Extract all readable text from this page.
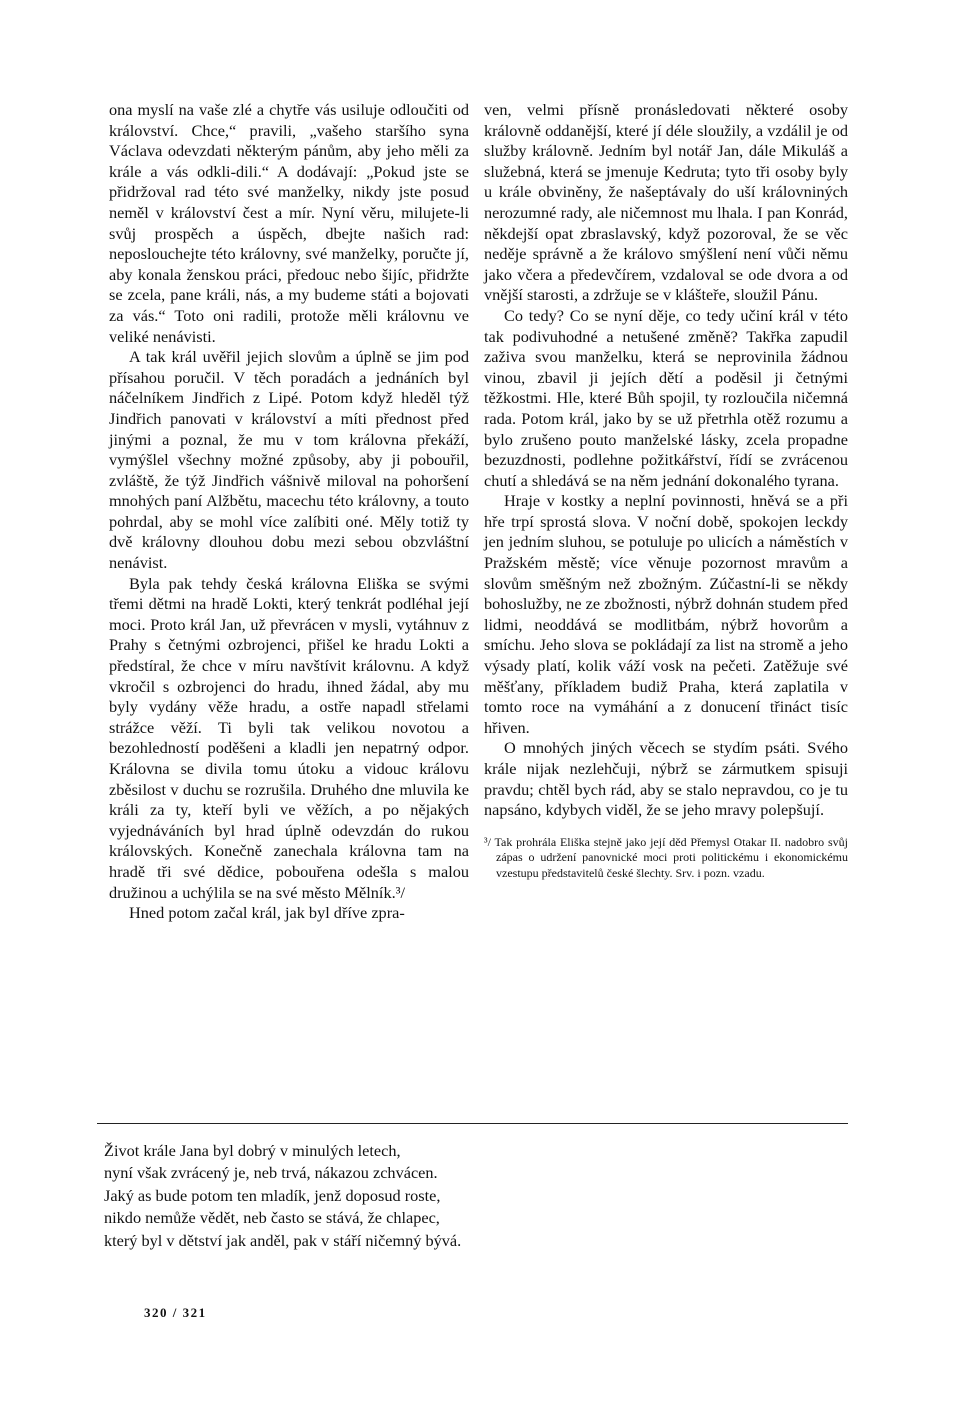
ona myslí na vaše zlé a chytře vás usiluje odloučiti od království. Chce,“ pravili, „vašeho staršího syna Václava odevzdati některým pánům, aby jeho měli za krále a vás odkli-dili.“ A dodávají: „Pokud jste se přidržoval rad této své manželky, nikdy jste posud neměl v království čest a mír. Nyní věru, milujete-li svůj prospěch a úspěch, dbejte našich rad: neposlouchejte této královny, své manželky, poručte jí, aby konala ženskou práci, předouc nebo šijíc, přidržte se zcela, pane králi, nás, a my budeme státi a bojovati za vás.“ Toto oni radili, protože měli královnu ve veliké nenávisti.

A tak král uvěřil jejich slovům a úplně se jim pod přísahou poručil. V těch poradách a jednáních byl náčelníkem Jindřich z Lipé. Potom když hleděl týž Jindřich panovati v království a míti přednost před jinými a poznal, že mu v tom královna překáží, vymýšlel všechny možné způsoby, aby ji pobouřil, zvláště, že týž Jindřich vášnivě miloval na pohoršení mnohých paní Alžbětu, macechu této královny, a touto pohrdal, aby se mohl více zalíbiti oné. Měly totiž ty dvě královny dlouhou dobu mezi sebou obzvláštní nenávist.

Byla pak tehdy česká královna Eliška se svými třemi dětmi na hradě Lokti, který tenkrát podléhal její moci. Proto král Jan, už převrácen v mysli, vytáhnuv z Prahy s četnými ozbrojenci, přišel ke hradu Lokti a předstíral, že chce v míru navštívit královnu. A když vkročil s ozbrojenci do hradu, ihned žádal, aby mu byly vydány věže hradu, a ostře napadl střelami strážce věží. Ti byli tak velikou novotou a bezohledností poděšeni a kladli jen nepatrný odpor. Královna se divila tomu útoku a vidouc královu zběsilost v duchu se rozrušila. Druhého dne mluvila ke králi za ty, kteří byli ve věžích, a po nějakých vyjednáváních byl hrad úplně odevzdán do rukou královských. Konečně zanechala královna tam na hradě tři své dědice, pobouřena odešla s malou družinou a uchýlila se na své město Mělník.³/

Hned potom začal král, jak byl dříve zpra-

ven, velmi přísně pronásledovati některé osoby královně oddanější, které jí déle sloužily, a vzdálil je od služby královně. Jedním byl notář Jan, dále Mikuláš a služebná, která se jmenuje Kedruta; tyto tři osoby byly u krále obviněny, že našeptávaly do uší královniných nerozumné rady, ale ničemnost mu lhala. I pan Konrád, někdejší opat zbraslavský, když pozoroval, že se věc neděje správně a že královo smýšlení není vůči němu jako včera a předevčírem, vzdaloval se ode dvora a od vnější starosti, a zdržuje se v klášteře, sloužil Pánu.

Co tedy? Co se nyní děje, co tedy učiní král v této tak podivuhodné a netušené změně? Takřka zapudil zaživa svou manželku, která se neprovinila žádnou vinou, zbavil ji jejích dětí a poděsil ji četnými těžkostmi. Hle, které Bůh spojil, ty rozloučila ničemná rada. Potom král, jako by se už přetrhla otěž rozumu a bylo zrušeno pouto manželské lásky, zcela propadne bezuzdnosti, podlehne požitkářství, řídí se zvrácenou chutí a shledává se na něm jednání dokonalého tyrana.

Hraje v kostky a neplní povinnosti, hněvá se a při hře trpí sprostá slova. V noční době, spokojen leckdy jen jedním sluhou, se potuluje po ulicích a náměstích v Pražském městě; více věnuje pozornost mravům a slovům směšným než zbožným. Zúčastní-li se někdy bohoslužby, ne ze zbožnosti, nýbrž dohnán studem před lidmi, neoddává se modlitbám, nýbrž hovorům a smíchu. Jeho slova se pokládají za list na stromě a jeho výsady platí, kolik váží vosk na pečeti. Zatěžuje své měšťany, příkladem budiž Praha, která zaplatila v tomto roce na vymáhání a z donucení třináct tisíc hřiven.

O mnohých jiných věcech se stydím psáti. Svého krále nijak nezlehčuji, nýbrž se zármutkem spisuji pravdu; chtěl bych rád, aby se stalo nepravdou, co je tu napsáno, kdybych viděl, že se jeho mravy polepšují.

³/ Tak prohrála Eliška stejně jako její děd Přemysl Otakar II. nadobro svůj zápas o udržení panovnické moci proti politickému i ekonomickému vzestupu představitelů české šlechty. Srv. i pozn. vzadu.
Život krále Jana byl dobrý v minulých letech,
nyní však zvrácený je, neb trvá, nákazou zchvácen.
Jaký as bude potom ten mladík, jenž doposud roste,
nikdo nemůže vědět, neb často se stává, že chlapec,
který byl v dětství jak anděl, pak v stáří ničemný bývá.
320 / 321
